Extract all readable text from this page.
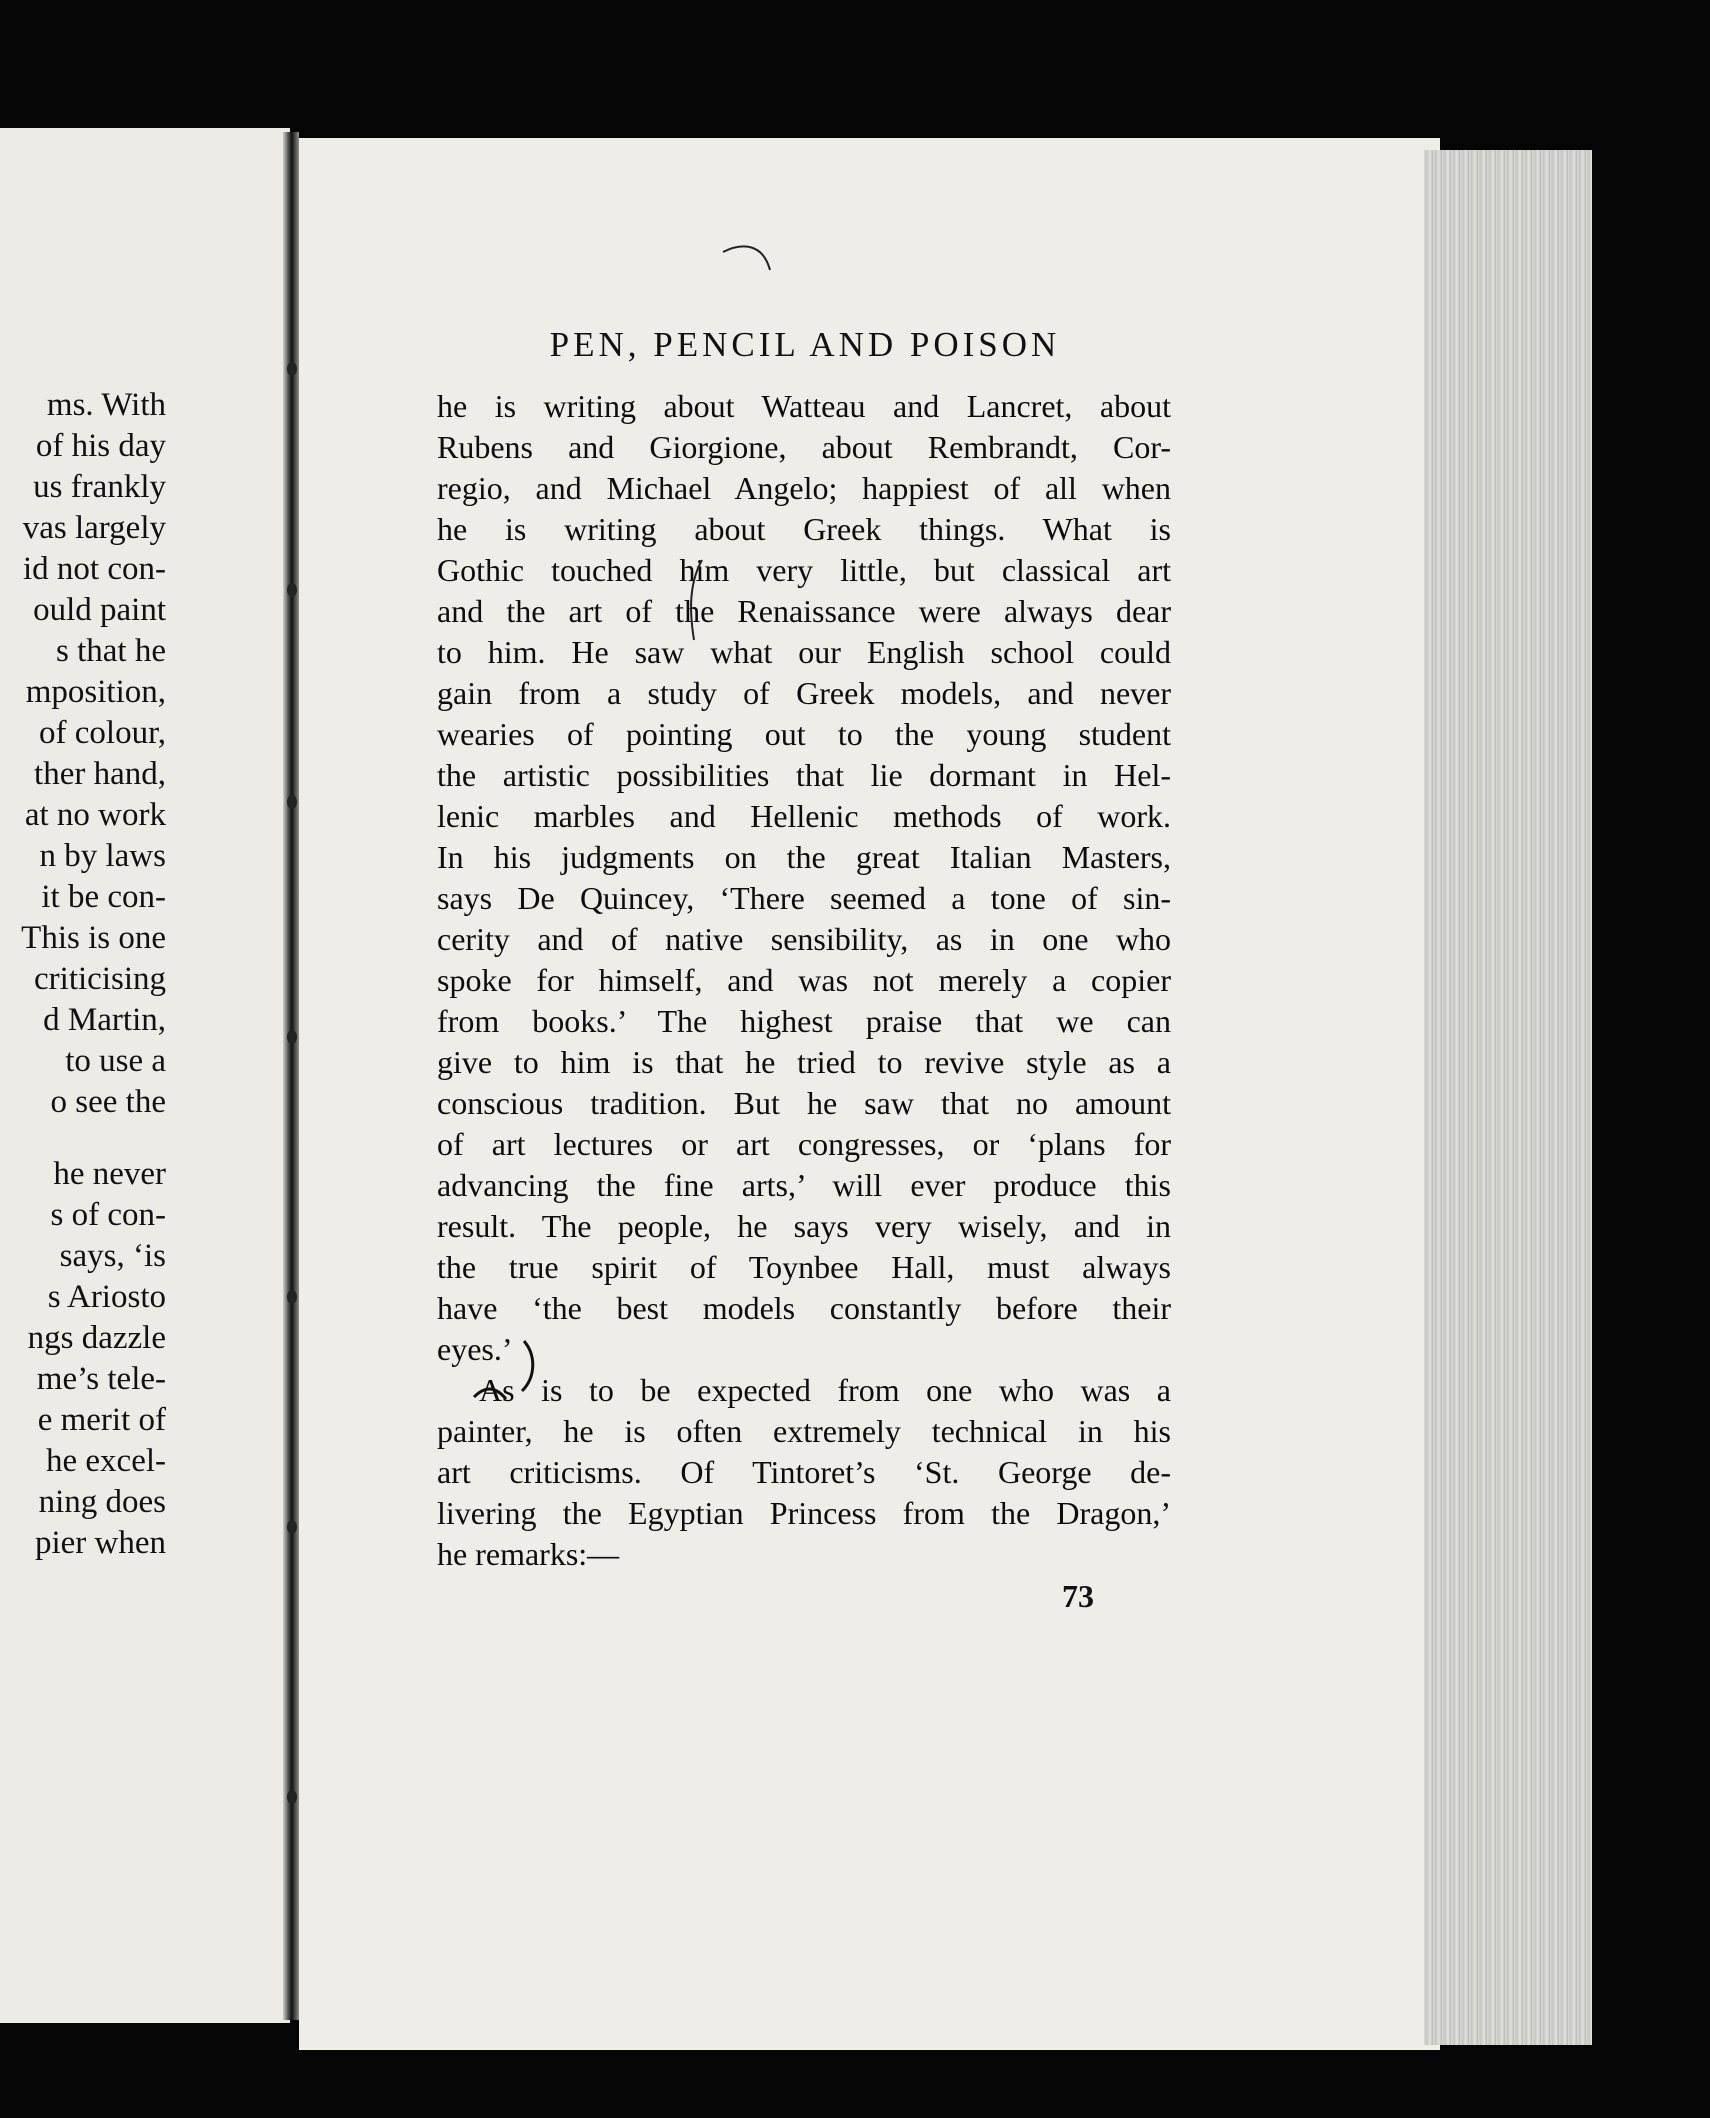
ms. With
of his day
us frankly
vas largely
id not con-
ould paint
s that he
mposition,
of colour,
ther hand,
at no work
n by laws
it be con-
This is one
criticising
d Martin,
to use a
o see the
he never
s of con-
says, ‘is
s Ariosto
ngs dazzle
me’s tele-
e merit of
he excel-
ning does
pier when
PEN, PENCIL AND POISON
he is writing about Watteau and Lancret, about
Rubens and Giorgione, about Rembrandt, Cor-
regio, and Michael Angelo; happiest of all when
he is writing about Greek things. What is
Gothic touched him very little, but classical art
and the art of the Renaissance were always dear
to him. He saw what our English school could
gain from a study of Greek models, and never
wearies of pointing out to the young student
the artistic possibilities that lie dormant in Hel-
lenic marbles and Hellenic methods of work.
In his judgments on the great Italian Masters,
says De Quincey, ‘There seemed a tone of sin-
cerity and of native sensibility, as in one who
spoke for himself, and was not merely a copier
from books.’ The highest praise that we can
give to him is that he tried to revive style as a
conscious tradition. But he saw that no amount
of art lectures or art congresses, or ‘plans for
advancing the fine arts,’ will ever produce this
result. The people, he says very wisely, and in
the true spirit of Toynbee Hall, must always
have ‘the best models constantly before their
eyes.’
As is to be expected from one who was a
painter, he is often extremely technical in his
art criticisms. Of Tintoret’s ‘St. George de-
livering the Egyptian Princess from the Dragon,’
he remarks:—
73
